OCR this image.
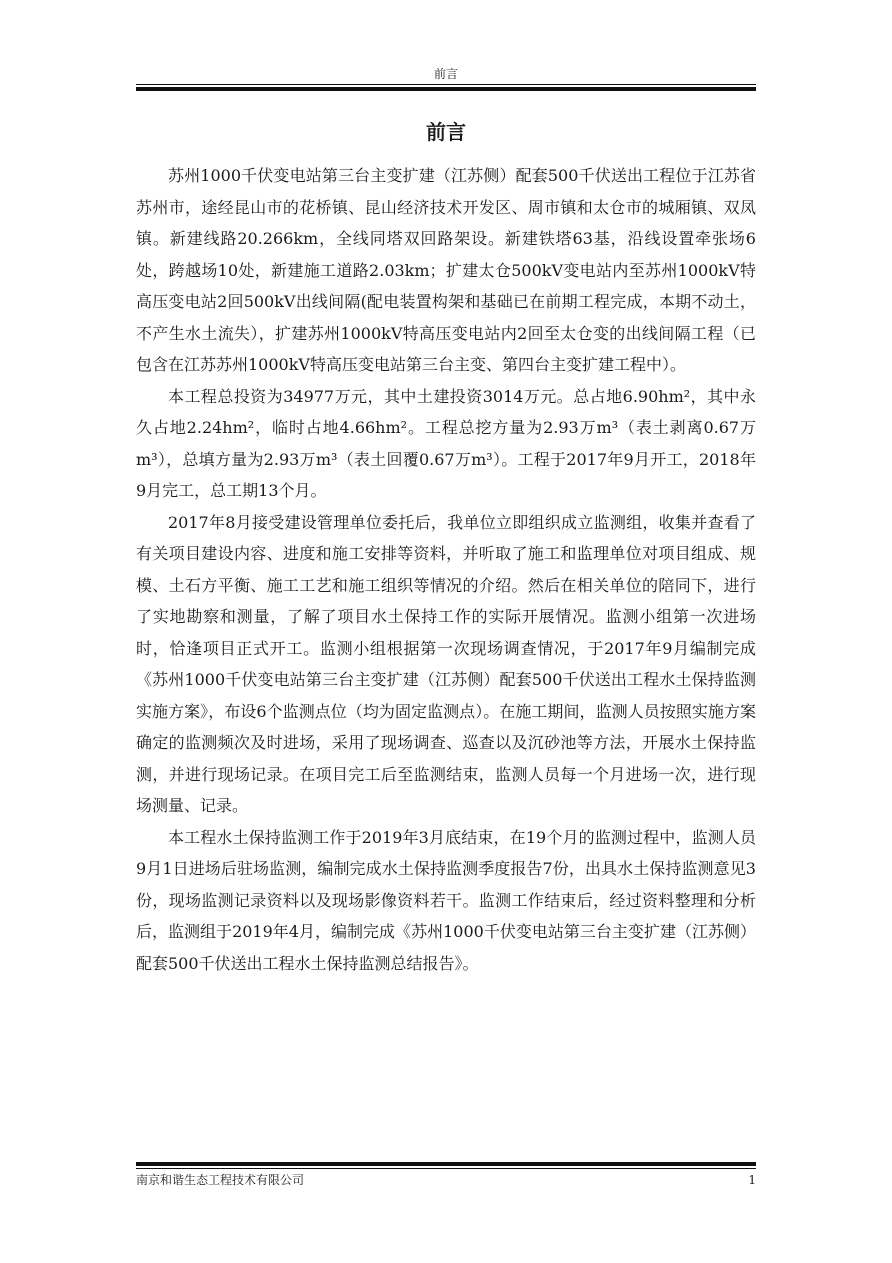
前言
前言

苏州1000千伏变电站第三台主变扩建（江苏侧）配套500千伏送出工程位于江苏省苏州市，途经昆山市的花桥镇、昆山经济技术开发区、周市镇和太仓市的城厢镇、双凤镇。新建线路20.266km，全线同塔双回路架设。新建铁塔63基，沿线设置牵张场6处，跨越场10处，新建施工道路2.03km；扩建太仓500kV变电站内至苏州1000kV特高压变电站2回500kV出线间隔(配电装置构架和基础已在前期工程完成，本期不动土，不产生水土流失），扩建苏州1000kV特高压变电站内2回至太仓变的出线间隔工程（已包含在江苏苏州1000kV特高压变电站第三台主变、第四台主变扩建工程中）。

本工程总投资为34977万元，其中土建投资3014万元。总占地6.90hm²，其中永久占地2.24hm²，临时占地4.66hm²。工程总挖方量为2.93万m³（表土剥离0.67万m³），总填方量为2.93万m³（表土回覆0.67万m³）。工程于2017年9月开工，2018年9月完工，总工期13个月。

2017年8月接受建设管理单位委托后，我单位立即组织成立监测组，收集并查看了有关项目建设内容、进度和施工安排等资料，并听取了施工和监理单位对项目组成、规模、土石方平衡、施工工艺和施工组织等情况的介绍。然后在相关单位的陪同下，进行了实地勘察和测量，了解了项目水土保持工作的实际开展情况。监测小组第一次进场时，恰逢项目正式开工。监测小组根据第一次现场调查情况，于2017年9月编制完成《苏州1000千伏变电站第三台主变扩建（江苏侧）配套500千伏送出工程水土保持监测实施方案》，布设6个监测点位（均为固定监测点）。在施工期间，监测人员按照实施方案确定的监测频次及时进场，采用了现场调查、巡查以及沉砂池等方法，开展水土保持监测，并进行现场记录。在项目完工后至监测结束，监测人员每一个月进场一次，进行现场测量、记录。

本工程水土保持监测工作于2019年3月底结束，在19个月的监测过程中，监测人员9月1日进场后驻场监测，编制完成水土保持监测季度报告7份，出具水土保持监测意见3份，现场监测记录资料以及现场影像资料若干。监测工作结束后，经过资料整理和分析后，监测组于2019年4月，编制完成《苏州1000千伏变电站第三台主变扩建（江苏侧）配套500千伏送出工程水土保持监测总结报告》。

南京和谐生态工程技术有限公司	1
